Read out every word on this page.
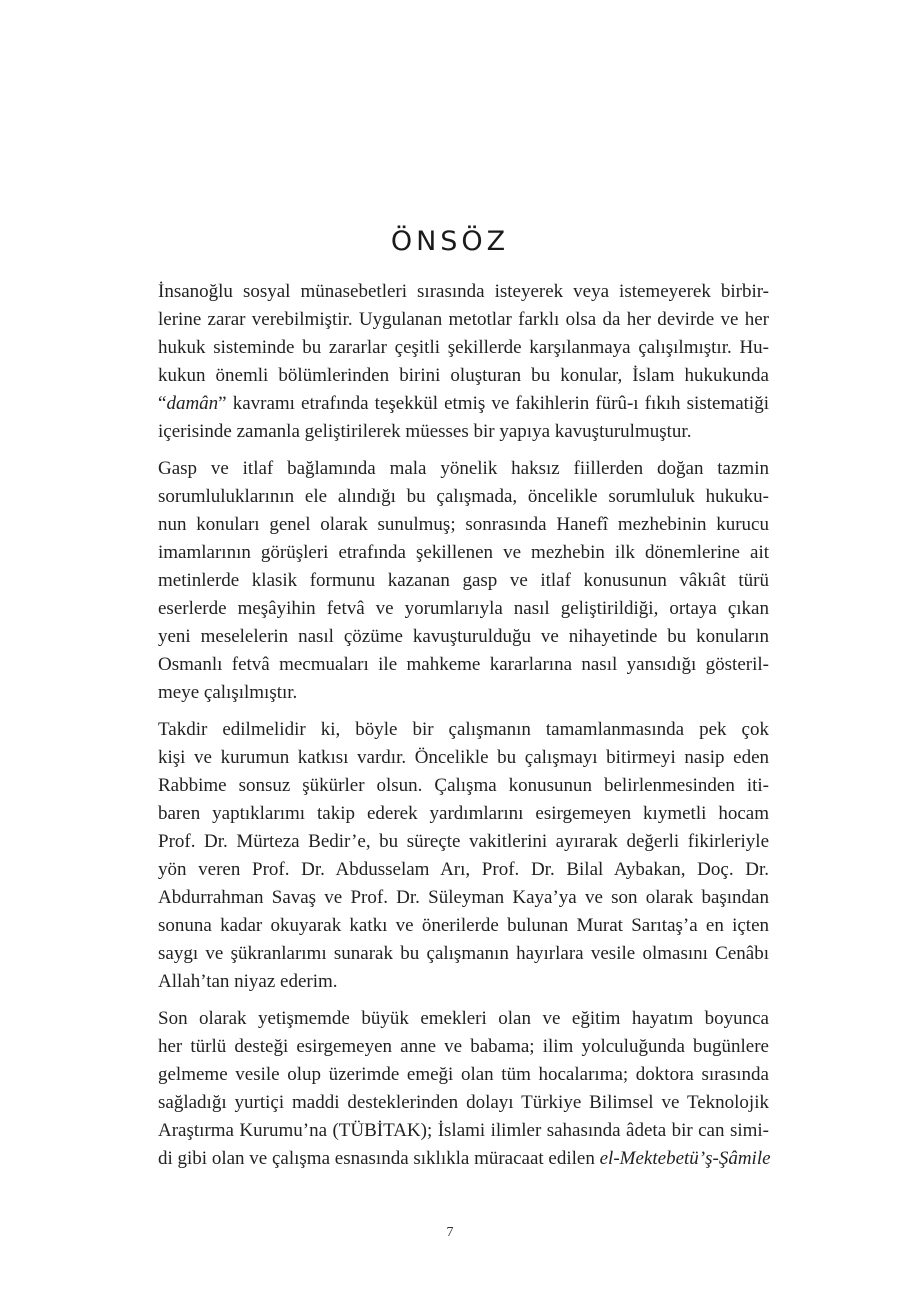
ÖNSÖZ
İnsanoğlu sosyal münasebetleri sırasında isteyerek veya istemeyerek birbir-
lerine zarar verebilmiştir. Uygulanan metotlar farklı olsa da her devirde ve her
hukuk sisteminde bu zararlar çeşitli şekillerde karşılanmaya çalışılmıştır. Hu-
kukun önemli bölümlerinden birini oluşturan bu konular, İslam hukukunda
“damân” kavramı etrafında teşekkül etmiş ve fakihlerin fürû-ı fıkıh sistematiği
içerisinde zamanla geliştirilerek müesses bir yapıya kavuşturulmuştur.
Gasp ve itlaf bağlamında mala yönelik haksız fiillerden doğan tazmin
sorumluluklarının ele alındığı bu çalışmada, öncelikle sorumluluk hukuku-
nun konuları genel olarak sunulmuş; sonrasında Hanefî mezhebinin kurucu
imamlarının görüşleri etrafında şekillenen ve mezhebin ilk dönemlerine ait
metinlerde klasik formunu kazanan gasp ve itlaf konusunun vâkıât türü
eserlerde meşâyihin fetvâ ve yorumlarıyla nasıl geliştirildiği, ortaya çıkan
yeni meselelerin nasıl çözüme kavuşturulduğu ve nihayetinde bu konuların
Osmanlı fetvâ mecmuaları ile mahkeme kararlarına nasıl yansıdığı gösteril-
meye çalışılmıştır.
Takdir edilmelidir ki, böyle bir çalışmanın tamamlanmasında pek çok
kişi ve kurumun katkısı vardır. Öncelikle bu çalışmayı bitirmeyi nasip eden
Rabbime sonsuz şükürler olsun. Çalışma konusunun belirlenmesinden iti-
baren yaptıklarımı takip ederek yardımlarını esirgemeyen kıymetli hocam
Prof. Dr. Mürteza Bedir’e, bu süreçte vakitlerini ayırarak değerli fikirleriyle
yön veren Prof. Dr. Abdusselam Arı, Prof. Dr. Bilal Aybakan, Doç. Dr.
Abdurrahman Savaş ve Prof. Dr. Süleyman Kaya’ya ve son olarak başından
sonuna kadar okuyarak katkı ve önerilerde bulunan Murat Sarıtaş’a en içten
saygı ve şükranlarımı sunarak bu çalışmanın hayırlara vesile olmasını Cenâbı
Allah’tan niyaz ederim.
Son olarak yetişmemde büyük emekleri olan ve eğitim hayatım boyunca
her türlü desteği esirgemeyen anne ve babama; ilim yolculuğunda bugünlere
gelmeme vesile olup üzerimde emeği olan tüm hocalarıma; doktora sırasında
sağladığı yurtiçi maddi desteklerinden dolayı Türkiye Bilimsel ve Teknolojik
Araştırma Kurumu’na (TÜBİTAK); İslami ilimler sahasında âdeta bir can simi-
di gibi olan ve çalışma esnasında sıklıkla müracaat edilen el-Mektebetü’ş-Şâmile
7
